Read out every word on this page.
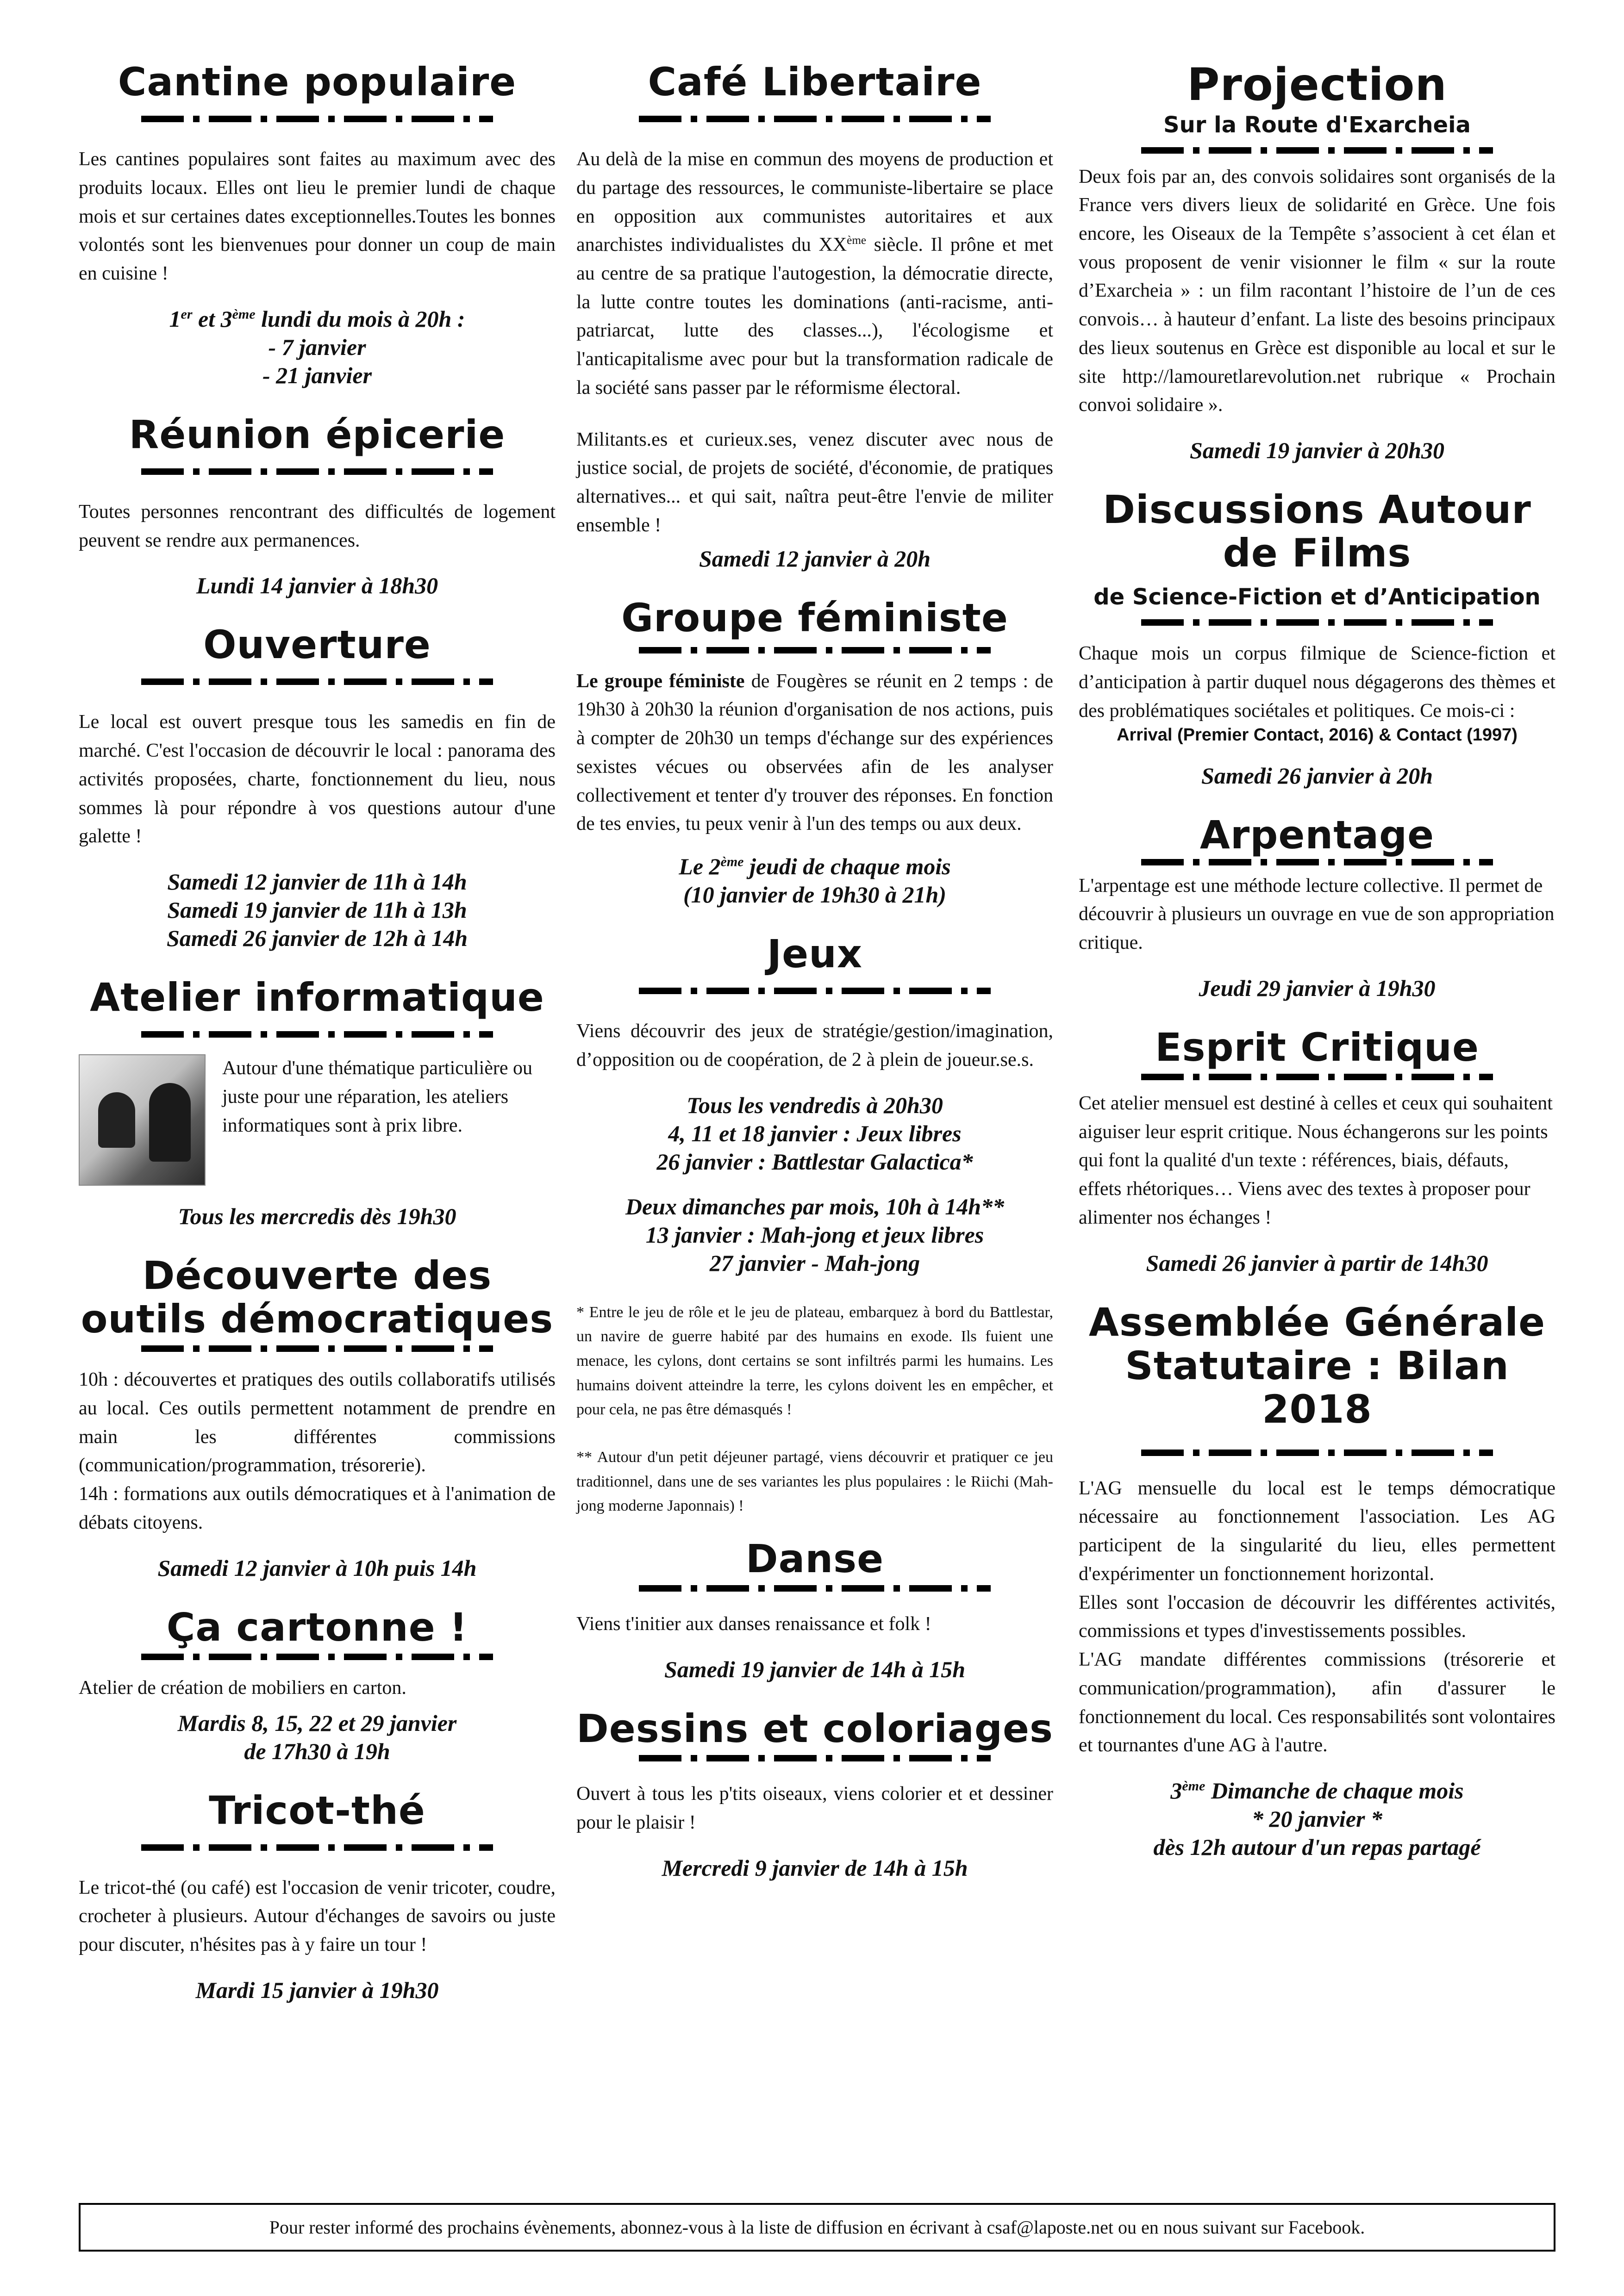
Cantine populaire

Les cantines populaires sont faites au maximum avec des produits locaux. Elles ont lieu le premier lundi de chaque mois et sur certaines dates exceptionnelles.Toutes les bonnes volontés sont les bienvenues pour donner un coup de main en cuisine !

1er et 3ème lundi du mois à 20h :
- 7 janvier
- 21 janvier
Réunion épicerie

Toutes personnes rencontrant des difficultés de logement peuvent se rendre aux permanences.

Lundi 14 janvier à 18h30
Ouverture

Le local est ouvert presque tous les samedis en fin de marché. C'est l'occasion de découvrir le local : panorama des activités proposées, charte, fonctionnement du lieu, nous sommes là pour répondre à vos questions autour d'une galette !

Samedi 12 janvier de 11h à 14h
Samedi 19 janvier de 11h à 13h
Samedi 26 janvier de 12h à 14h
Atelier informatique

Autour d'une thématique particulière ou juste pour une réparation, les ateliers informatiques sont à prix libre.

Tous les mercredis dès 19h30
Découverte des outils démocratiques

10h : découvertes et pratiques des outils collaboratifs utilisés au local. Ces outils permettent notamment de prendre en main les différentes commissions (communication/programmation, trésorerie).

14h : formations aux outils démocratiques et à l'animation de débats citoyens.

Samedi 12 janvier à 10h puis 14h
Ça cartonne !

Atelier de création de mobiliers en carton.

Mardis 8, 15, 22 et 29 janvier
de 17h30 à 19h
Tricot-thé

Le tricot-thé (ou café) est l'occasion de venir tricoter, coudre, crocheter à plusieurs. Autour d'échanges de savoirs ou juste pour discuter, n'hésites pas à y faire un tour !

Mardi 15 janvier à 19h30
Café Libertaire

Au delà de la mise en commun des moyens de production et du partage des ressources, le communiste-libertaire se place en opposition aux communistes autoritaires et aux anarchistes individualistes du XXème siècle. Il prône et met au centre de sa pratique l'autogestion, la démocratie directe, la lutte contre toutes les dominations (anti-racisme, anti-patriarcat, lutte des classes...), l'écologisme et l'anticapitalisme avec pour but la transformation radicale de la société sans passer par le réformisme électoral.

Militants.es et curieux.ses, venez discuter avec nous de justice social, de projets de société, d'économie, de pratiques alternatives... et qui sait, naîtra peut-être l'envie de militer ensemble !

Samedi 12 janvier à 20h
Groupe féministe

Le groupe féministe de Fougères se réunit en 2 temps : de 19h30 à 20h30 la réunion d'organisation de nos actions, puis à compter de 20h30 un temps d'échange sur des expériences sexistes vécues ou observées afin de les analyser collectivement et tenter d'y trouver des réponses. En fonction de tes envies, tu peux venir à l'un des temps ou aux deux.

Le 2ème jeudi de chaque mois
(10 janvier de 19h30 à 21h)
Jeux

Viens découvrir des jeux de stratégie/gestion/imagination, d’opposition ou de coopération, de 2 à plein de joueur.se.s.

Tous les vendredis à 20h30
4, 11 et 18 janvier : Jeux libres
26 janvier : Battlestar Galactica*
Deux dimanches par mois, 10h à 14h**
13 janvier : Mah-jong et jeux libres
27 janvier - Mah-jong

* Entre le jeu de rôle et le jeu de plateau, embarquez à bord du Battlestar, un navire de guerre habité par des humains en exode. Ils fuient une menace, les cylons, dont certains se sont infiltrés parmi les humains. Les humains doivent atteindre la terre, les cylons doivent les en empêcher, et pour cela, ne pas être démasqués !

** Autour d'un petit déjeuner partagé, viens découvrir et pratiquer ce jeu traditionnel, dans une de ses variantes les plus populaires : le Riichi (Mah-jong moderne Japonnais) !

Danse

Viens t'initier aux danses renaissance et folk !

Samedi 19 janvier de 14h à 15h
Dessins et coloriages

Ouvert à tous les p'tits oiseaux, viens colorier et et dessiner pour le plaisir !

Mercredi 9 janvier de 14h à 15h
Projection
Sur la Route d'Exarcheia

Deux fois par an, des convois solidaires sont organisés de la France vers divers lieux de solidarité en Grèce. Une fois encore, les Oiseaux de la Tempête s’associent à cet élan et vous proposent de venir visionner le film « sur la route d’Exarcheia » : un film racontant l’histoire de l’un de ces convois… à hauteur d’enfant. La liste des besoins principaux des lieux soutenus en Grèce est disponible au local et sur le site http://lamouretlarevolution.net rubrique « Prochain convoi solidaire ».

Samedi 19 janvier à 20h30
Discussions Autour
de Films
de Science-Fiction et d’Anticipation

Chaque mois un corpus filmique de Science-fiction et d’anticipation à partir duquel nous dégagerons des thèmes et des problématiques sociétales et politiques. Ce mois-ci :

Arrival (Premier Contact, 2016) & Contact (1997)
Samedi 26 janvier à 20h
Arpentage

L'arpentage est une méthode lecture collective. Il permet de découvrir à plusieurs un ouvrage en vue de son appropriation critique.

Jeudi 29 janvier à 19h30
Esprit Critique

Cet atelier mensuel est destiné à celles et ceux qui souhaitent aiguiser leur esprit critique. Nous échangerons sur les points qui font la qualité d'un texte : références, biais, défauts, effets rhétoriques… Viens avec des textes à proposer pour alimenter nos échanges !

Samedi 26 janvier à partir de 14h30
Assemblée Générale
Statutaire : Bilan 2018

L'AG mensuelle du local est le temps démocratique nécessaire au fonctionnement l'association. Les AG participent de la singularité du lieu, elles permettent d'expérimenter un fonctionnement horizontal.

Elles sont l'occasion de découvrir les différentes activités, commissions et types d'investissements possibles.

L'AG mandate différentes commissions (trésorerie et communication/programmation), afin d'assurer le fonctionnement du local. Ces responsabilités sont volontaires et tournantes d'une AG à l'autre.

3ème Dimanche de chaque mois
* 20 janvier *
dès 12h autour d'un repas partagé
Pour rester informé des prochains évènements, abonnez-vous à la liste de diffusion en écrivant à csaf@laposte.net ou en nous suivant sur Facebook.
